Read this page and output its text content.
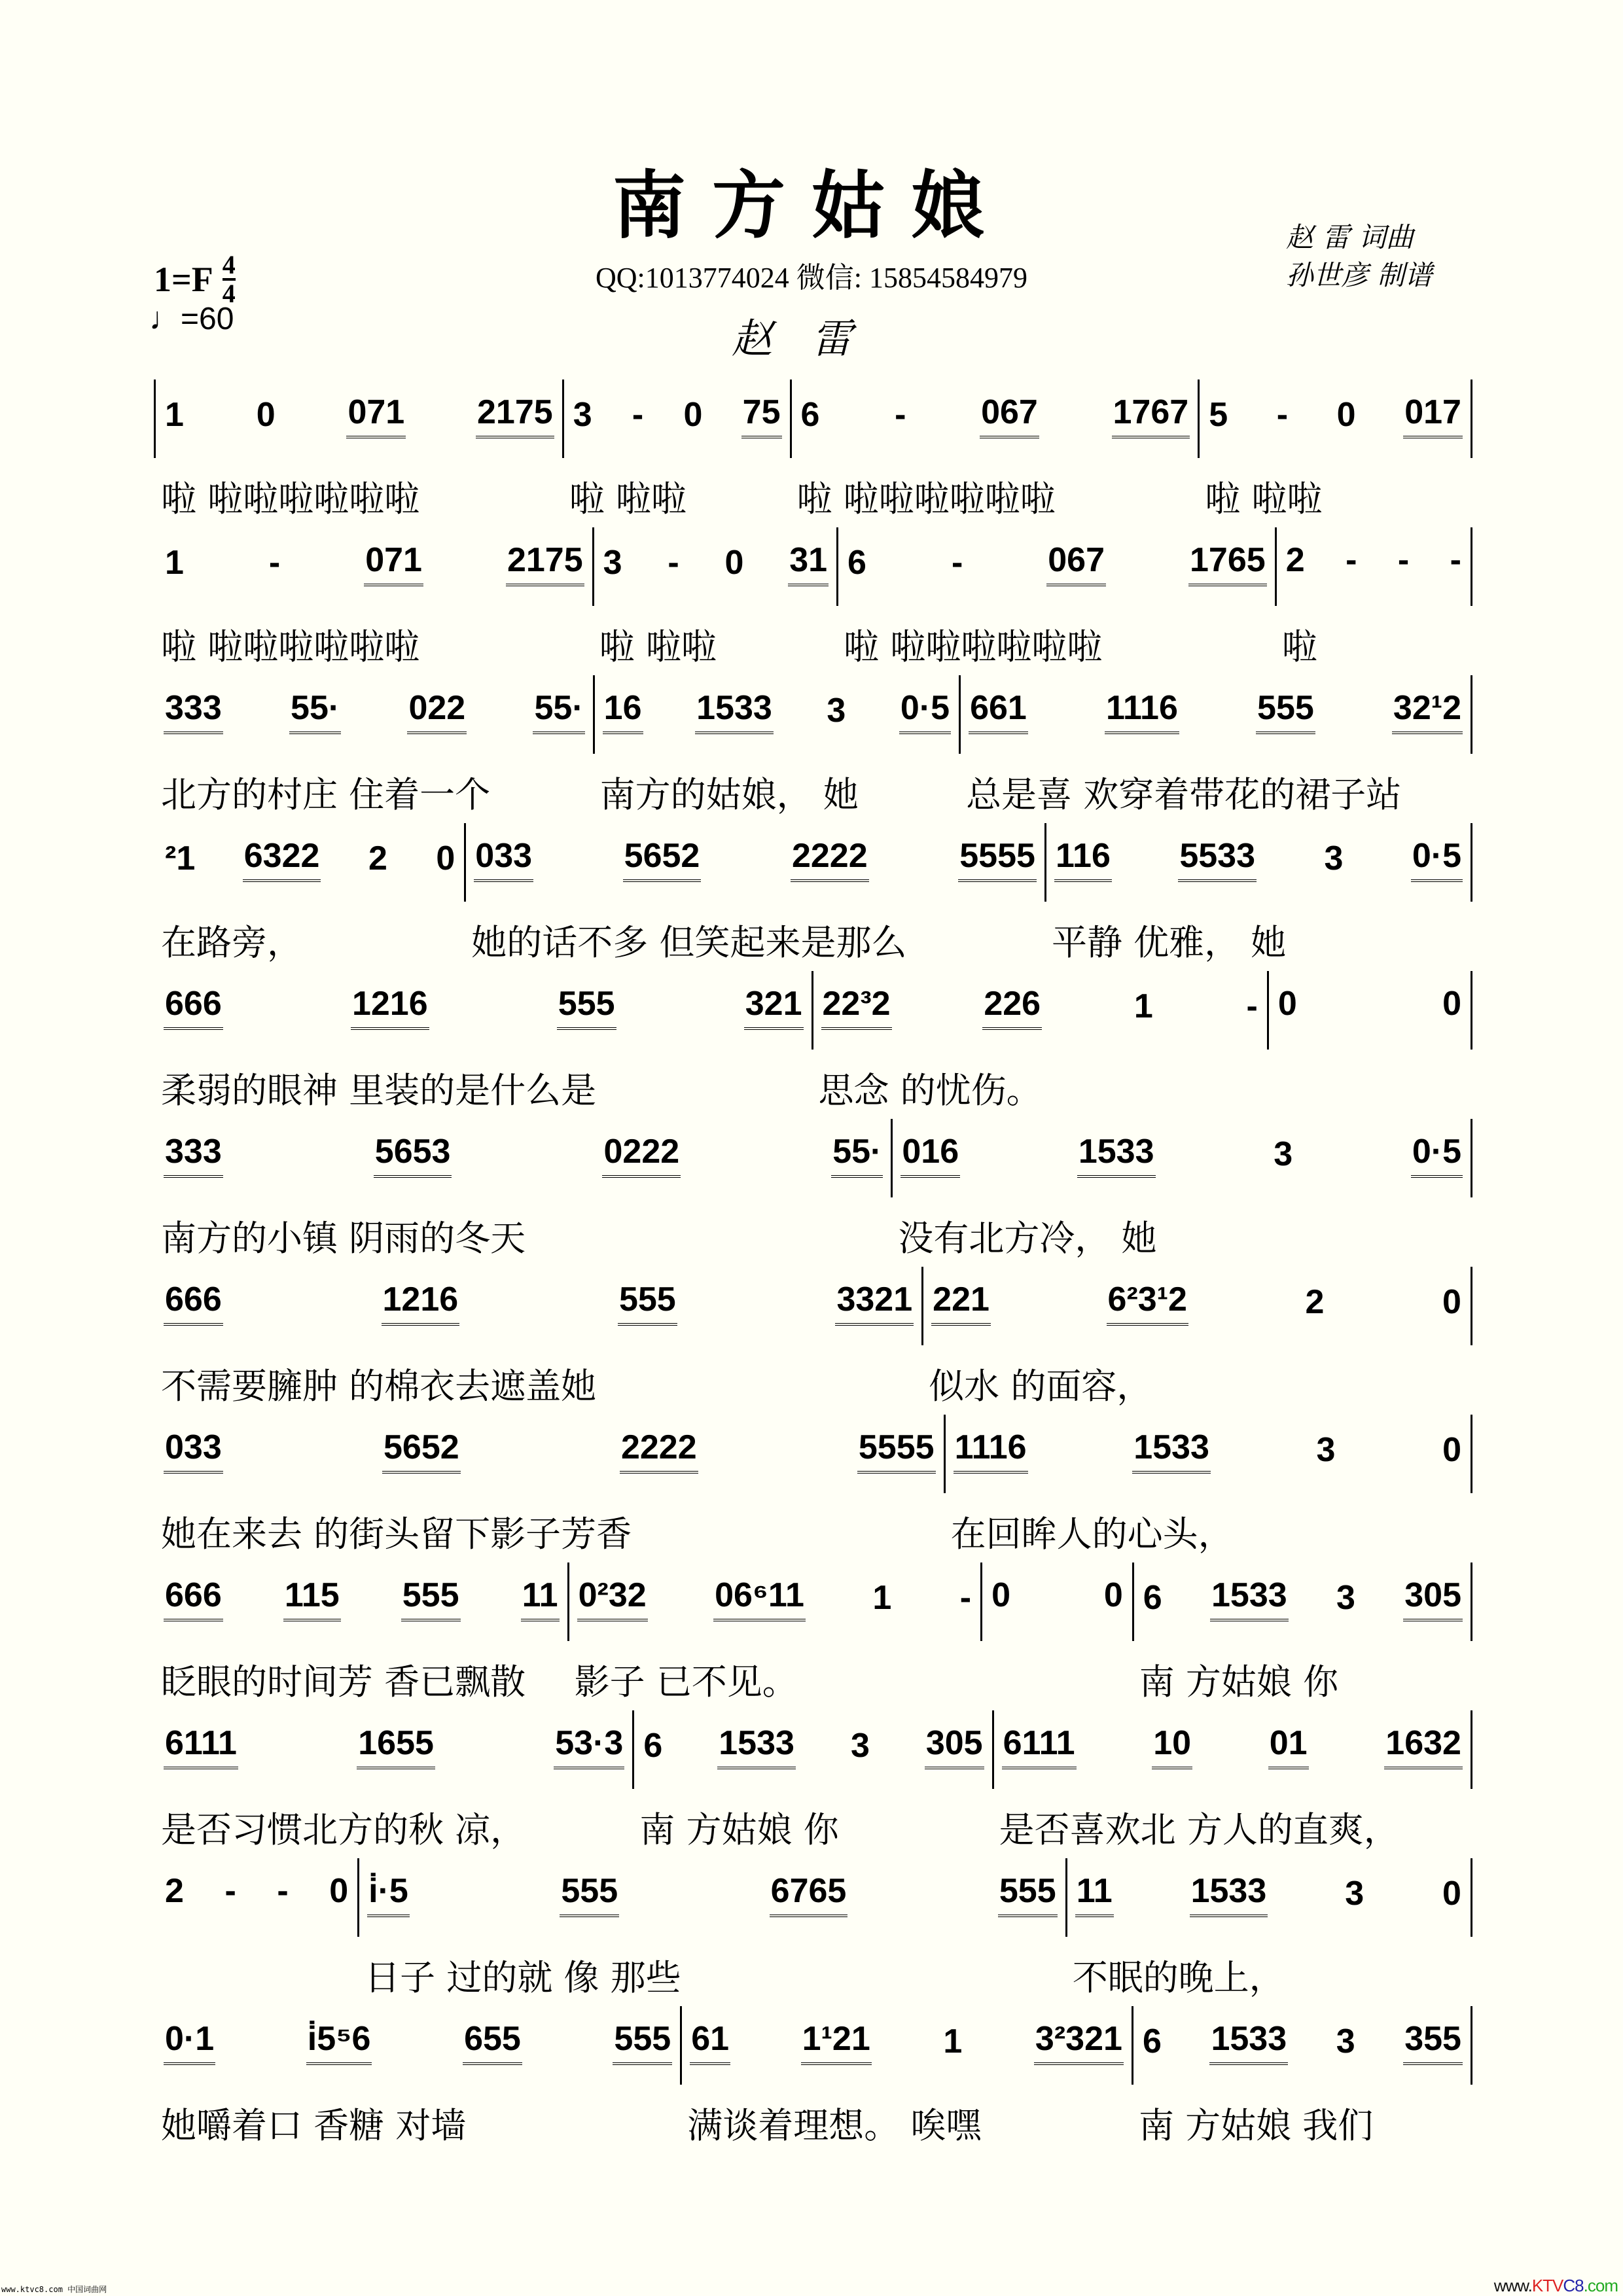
南方姑娘	赵 雷 词曲
孙世彦 制谱
$1=F \frac{4}{4}$
♩=60
QQ:1013774024 微信: 15854584979
赵雷
1 0 071 2175
啦 啦啦啦啦啦啦
3 - 0 75
啦 啦啦
6 - 067 1767
啦 啦啦啦啦啦啦
5 - 0 017
啦 啦啦
1 - 071 2175
啦 啦啦啦啦啦啦
3 - 0 31
啦 啦啦
6 - 067 1765
啦 啦啦啦啦啦啦
2 - - -
啦
333 55· 022 55·
北方的村庄 住着一个
16 1533 3 0·5
南方的姑娘， 她
661 1116 555 32¹2
总是喜 欢穿着带花的裙子站
²1 6322 2 0
在路旁，
033	5652	2222	5555
她的话不多 但笑起来是那么
116 5533 3 0·5
平静 优雅， 她
666	1216	555	321
柔弱的眼神 里装的是什么是
22³2	226	1	-
思念 的忧伤。
0	0
333	5653	0222	55·
南方的小镇 阴雨的冬天
016	1533	3	0·5
没有北方冷， 她
666	1216	555	3321
不需要臃肿 的棉衣去遮盖她
221	6²3¹2	2	0
似水 的面容，
033	5652	2222	5555
她在来去 的街头留下影子芳香
1116	1533	3	0
在回眸人的心头，
666 115 555 11
眨眼的时间芳 香已飘散
0²32 06⁶11 1 -
影子 已不见。
0	0 6 1533 3 305
南 方姑娘 你
6111	1655	53·3
是否习惯北方的秋 凉，
6 1533 3 305
南 方姑娘 你
6111 10 01 1632
是否喜欢北 方人的直爽，
2 - - 0 i̇·5	555	6765	555
日子 过的就 像 那些
11 1533 3 0
不眠的晚上，
0·1	i̇5⁵6	655	555
她嚼着口 香糖 对墙
61 1¹21 1 3²321
满谈着理想。 唉嘿
6 1533 3 355
南 方姑娘 我们
www.ktvc8.com 中国词曲网	www.KTVC8.com
